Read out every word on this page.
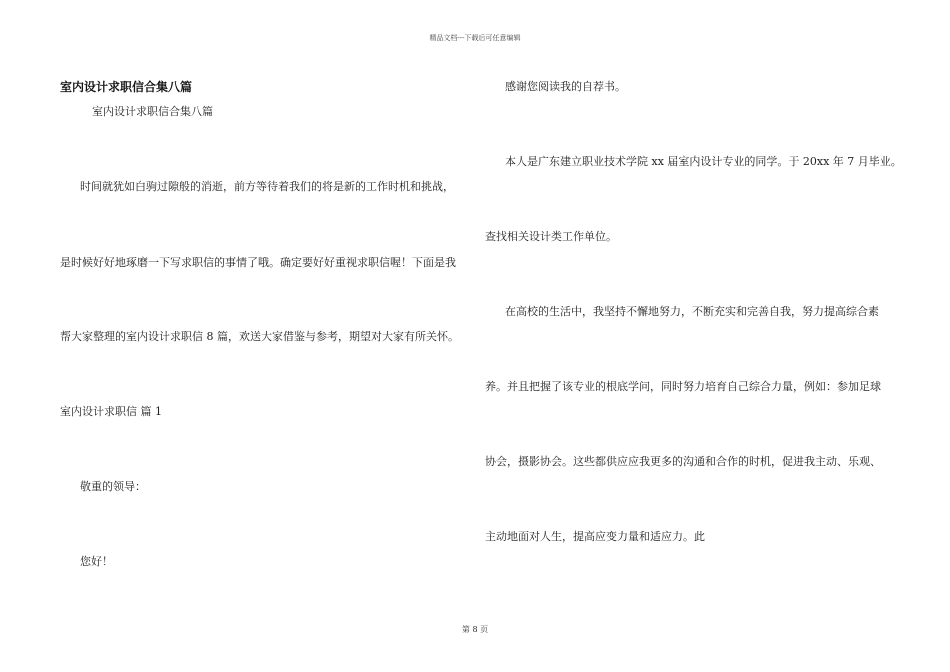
精品文档---下载后可任意编辑
室内设计求职信合集八篇
室内设计求职信合集八篇
时间就犹如白驹过隙般的消逝，前方等待着我们的将是新的工作时机和挑战，
是时候好好地琢磨一下写求职信的事情了哦。确定要好好重视求职信喔！下面是我
帮大家整理的室内设计求职信 8 篇，欢送大家借鉴与参考，期望对大家有所关怀。
室内设计求职信 篇 1
敬重的领导：
您好！
感谢您阅读我的自荐书。
本人是广东建立职业技术学院 xx 届室内设计专业的同学。于 20xx 年 7 月毕业。
查找相关设计类工作单位。
在高校的生活中，我坚持不懈地努力，不断充实和完善自我，努力提高综合素
养。并且把握了该专业的根底学问，同时努力培育自己综合力量，例如：参加足球
协会，摄影协会。这些都供应应我更多的沟通和合作的时机，促进我主动、乐观、
主动地面对人生，提高应变力量和适应力。此
第 8 页
